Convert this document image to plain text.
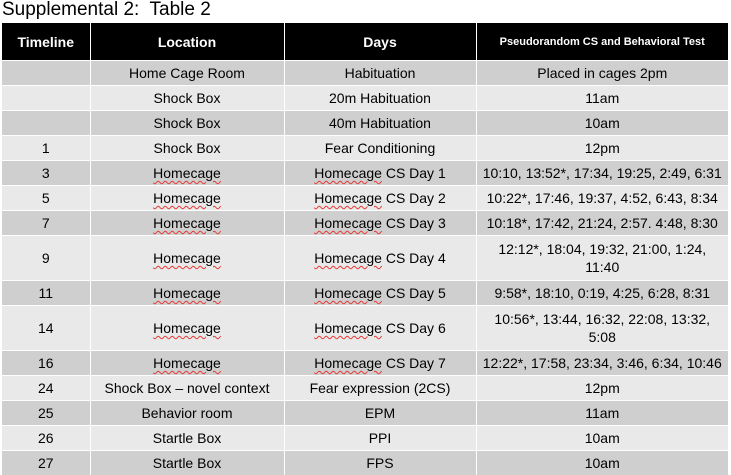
Supplemental 2:  Table 2
Timeline	Location	Days	Pseudorandom CS and Behavioral Test
	Home Cage Room	Habituation	Placed in cages 2pm
	Shock Box	20m Habituation	11am
	Shock Box	40m Habituation	10am
1	Shock Box	Fear Conditioning	12pm
3	Homecage	Homecage CS Day 1	10:10, 13:52*, 17:34, 19:25, 2:49, 6:31
5	Homecage	Homecage CS Day 2	10:22*, 17:46, 19:37, 4:52, 6:43, 8:34
7	Homecage	Homecage CS Day 3	10:18*, 17:42, 21:24, 2:57. 4:48, 8:30
9	Homecage	Homecage CS Day 4	12:12*, 18:04, 19:32, 21:00, 1:24, 11:40
11	Homecage	Homecage CS Day 5	9:58*, 18:10, 0:19, 4:25, 6:28, 8:31
14	Homecage	Homecage CS Day 6	10:56*, 13:44, 16:32, 22:08, 13:32, 5:08
16	Homecage	Homecage CS Day 7	12:22*, 17:58, 23:34, 3:46, 6:34, 10:46
24	Shock Box – novel context	Fear expression (2CS)	12pm
25	Behavior room	EPM	11am
26	Startle Box	PPI	10am
27	Startle Box	FPS	10am
